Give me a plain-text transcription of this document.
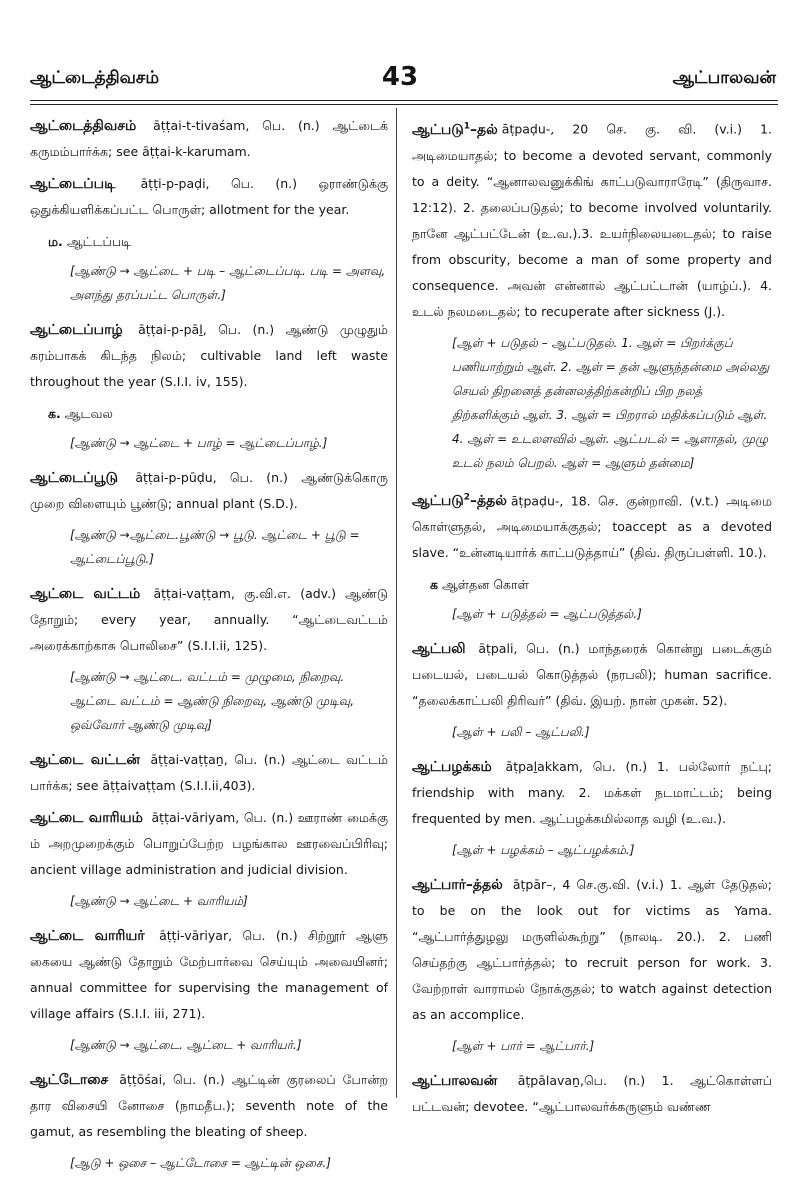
ஆட்டைத்திவசம்	43	ஆட்பாலவன்
ஆட்டைத்திவசம் āṭṭai-t-tivaśam, பெ. (n.) ஆட்டைக் கருமம்பார்க்க; see āṭṭai-k-karumam.
ஆட்டைப்படி āṭṭi-p-paḍi, பெ. (n.) ஒராண்டுக்கு ஒதுக்கியளிக்கப்பட்ட பொருள்; allotment for the year.
ம. ஆட்டப்படி
[ஆண்டு → ஆட்டை + படி – ஆட்டைப்படி. படி = அளவு, அளந்து தரப்பட்ட பொருள்.]
ஆட்டைப்பாழ் āṭṭai-p-pāḻ, பெ. (n.) ஆண்டு முழுதும் கரம்பாகக் கிடந்த நிலம்; cultivable land left waste throughout the year (S.I.I. iv, 155).
க. ஆடவல
[ஆண்டு → ஆட்டை + பாழ் = ஆட்டைப்பாழ்.]
ஆட்டைப்பூடு āṭṭai-p-pūḍu, பெ. (n.) ஆண்டுக்கொரு முறை விளையும் பூண்டு; annual plant (S.D.).
[ஆண்டு →ஆட்டை.பூண்டு → பூடு. ஆட்டை + பூடு = ஆட்டைப்பூடு.]
ஆட்டை வட்டம் āṭṭai-vaṭṭam, கு.வி.எ. (adv.) ஆண்டு தோறும்; every year, annually. “ஆட்டைவட்டம் அரைக்காற்காசு பொலிசை” (S.I.I.ii, 125).
[ஆண்டு → ஆட்டை. வட்டம் = முழுமை, நிறைவு. ஆட்டை வட்டம் = ஆண்டு நிறைவு, ஆண்டு முடிவு, ஒவ்வோர் ஆண்டு முடிவு]
ஆட்டை வட்டன் āṭṭai-vaṭṭaṉ, பெ. (n.) ஆட்டை வட்டம் பார்க்க; see āṭṭaivaṭṭam (S.I.I.ii,403).
ஆட்டை வாரியம் āṭṭai-vāriyam, பெ. (n.) ஊராண் மைக்கு ம் அறமுறைக்கும் பொறுப்பேற்ற பழங்கால ஊரவைப்பிரிவு; ancient village administration and judicial division.
[ஆண்டு → ஆட்டை + வாரியம்]
ஆட்டை வாரியர் āṭṭi-vāriyar, பெ. (n.) சிற்றூர் ஆளு கையை ஆண்டு தோறும் மேற்பார்வை செய்யும் அவையினர்; annual committee for supervising the management of village affairs (S.I.I. iii, 271).
[ஆண்டு → ஆட்டை. ஆட்டை + வாரியர்.]
ஆட்டோசை āṭṭōśai, பெ. (n.) ஆட்டின் குரலைப் போன்ற தார விசையி னோசை (நாமதீப.); seventh note of the gamut, as resembling the bleating of sheep.
[ஆடு + ஒசை – ஆட்டோசை = ஆட்டின் ஒசை.]
ஆட்படு$^1$–தல் āṭpaḍu-, 20 செ. கு. வி. (v.i.) 1. அடிமையாதல்; to become a devoted servant, commonly to a deity. “ஆனாலவனுக்கிங் காட்படுவாராரேடி” (திருவாச. 12:12). 2. தலைப்படுதல்; to become involved voluntarily. நானே ஆட்பட்டேன் (உ.வ.).3. உயர்நிலையடைதல்; to raise from obscurity, become a man of some property and consequence. அவன் என்னால் ஆட்பட்டான் (யாழ்ப்.). 4. உடல் நலமடைதல்; to recuperate after sickness (J.).
[ஆள் + படுதல் – ஆட்படுதல். 1. ஆள் = பிறர்க்குப் பணியாற்றும் ஆள். 2. ஆள் = தன் ஆளுந்தன்மை அல்லது செயல் திறனைத் தன்னலத்திற்கன்றிப் பிற நலத் திற்களிக்கும் ஆள். 3. ஆள் = பிறரால் மதிக்கப்படும் ஆள். 4. ஆள் = உடலளவில் ஆள். ஆட்படல் = ஆளாதல், முழு உடல் நலம் பெறல். ஆள் = ஆளும் தன்மை]
ஆட்படு$^2$–த்தல் āṭpaḍu-, 18. செ. குன்றாவி. (v.t.) அடிமை கொள்ளுதல், அடிமையாக்குதல்; toaccept as a devoted slave. “உன்னடியார்க் காட்படுத்தாய்” (திவ். திருப்பள்ளி. 10.).
க ஆள்தன கொள்
[ஆள் + படுத்தல் = ஆட்படுத்தல்.]
ஆட்பலி āṭpali, பெ. (n.) மாந்தரைக் கொன்று படைக்கும் படையல், படையல் கொடுத்தல் (நரபலி); human sacrifice. “தலைக்காட்பலி திரிவர்” (திவ். இயற். நான் முகன். 52).
[ஆள் + பலி – ஆட்பலி.]
ஆட்பழக்கம் āṭpaḻakkam, பெ. (n.) 1. பல்லோர் நட்பு; friendship with many. 2. மக்கள் நடமாட்டம்; being frequented by men. ஆட்பழக்கமில்லாத வழி (உ.வ.).
[ஆள் + பழக்கம் – ஆட்பழக்கம்.]
ஆட்பார்–த்தல் āṭpār–, 4 செ.கு.வி. (v.i.) 1. ஆள் தேடுதல்; to be on the look out for victims as Yama. “ஆட்பார்த்துழலு மருளில்கூற்று” (நாலடி. 20.). 2. பணி செய்தற்கு ஆட்பார்த்தல்; to recruit person for work. 3. வேற்றாள் வாராமல் நோக்குதல்; to watch against detection as an accomplice.
[ஆள் + பார் = ஆட்பார்.]
ஆட்பாலவன் āṭpālavaṉ,பெ. (n.) 1. ஆட்கொள்ளப் பட்டவன்; devotee. “ஆட்பாலவர்க்கருளும் வண்ண
